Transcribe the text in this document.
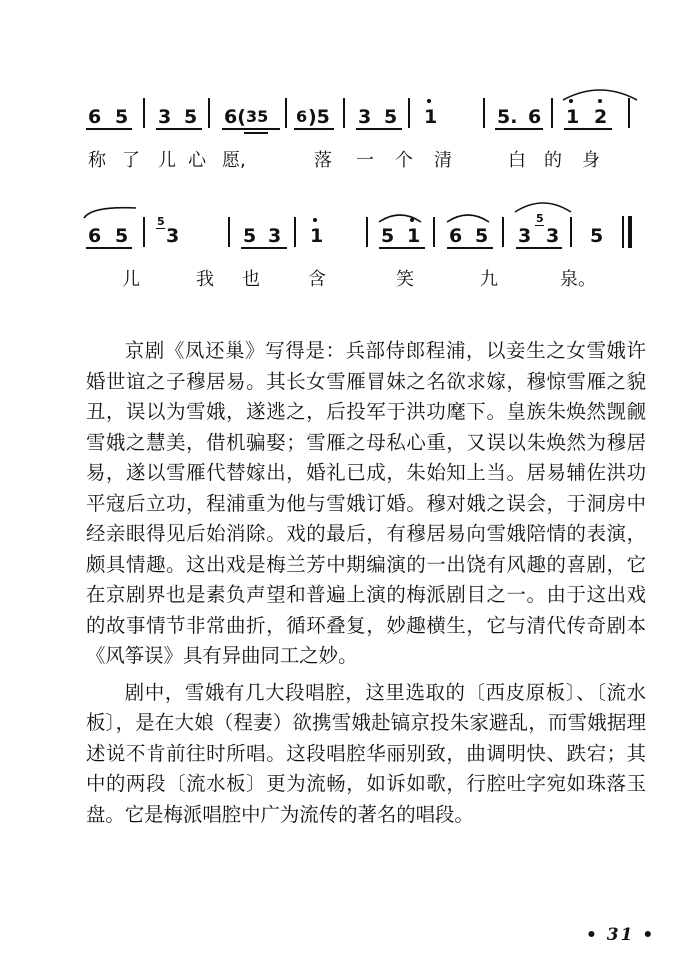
6 5 3 5 6( 35 6 )5 3 5 1	5. 6 1 2
称 了 儿 心 愿,	落 一 个 清	白 的 身
6 5
5
3	5 3 1	5 1 6 5 3
5
3 5
儿	我 也	含	笑	九	泉。

京剧《凤还巢》写得是：兵部侍郎程浦，以妾生之女雪娥许婚世谊之子穆居易。其长女雪雁冒妹之名欲求嫁，穆惊雪雁之貌丑，误以为雪娥，遂逃之，后投军于洪功麾下。皇族朱焕然觊觎雪娥之慧美，借机骗娶；雪雁之母私心重，又误以朱焕然为穆居易，遂以雪雁代替嫁出，婚礼已成，朱始知上当。居易辅佐洪功平寇后立功，程浦重为他与雪娥订婚。穆对娥之误会，于洞房中经亲眼得见后始消除。戏的最后，有穆居易向雪娥陪情的表演，颇具情趣。这出戏是梅兰芳中期编演的一出饶有风趣的喜剧，它在京剧界也是素负声望和普遍上演的梅派剧目之一。由于这出戏的故事情节非常曲折，循环叠复，妙趣横生，它与清代传奇剧本《风筝误》具有异曲同工之妙。

剧中，雪娥有几大段唱腔，这里选取的〔西皮原板〕、〔流水板〕，是在大娘（程妻）欲携雪娥赴镐京投朱家避乱，而雪娥据理述说不肯前往时所唱。这段唱腔华丽别致，曲调明快、跌宕；其中的两段〔流水板〕更为流畅，如诉如歌，行腔吐字宛如珠落玉盘。它是梅派唱腔中广为流传的著名的唱段。

• 31 •
